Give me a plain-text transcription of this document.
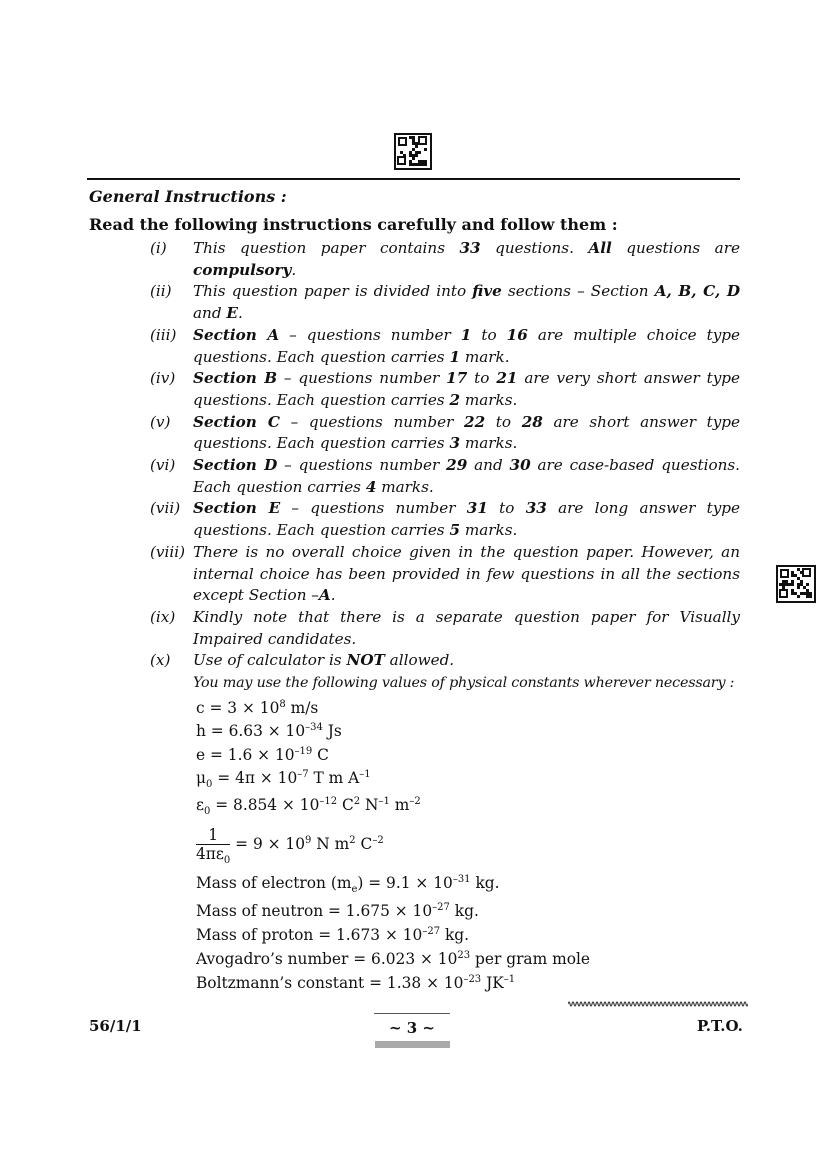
General Instructions :
Read the following instructions carefully and follow them :
(i) This question paper contains 33 questions. All questions are compulsory.
(ii) This question paper is divided into five sections – Section A, B, C, D and E.
(iii) Section A – questions number 1 to 16 are multiple choice type questions. Each question carries 1 mark.
(iv) Section B – questions number 17 to 21 are very short answer type questions. Each question carries 2 marks.
(v) Section C – questions number 22 to 28 are short answer type questions. Each question carries 3 marks.
(vi) Section D – questions number 29 and 30 are case-based questions. Each question carries 4 marks.
(vii) Section E – questions number 31 to 33 are long answer type questions. Each question carries 5 marks.
(viii) There is no overall choice given in the question paper. However, an internal choice has been provided in few questions in all the sections except Section –A.
(ix) Kindly note that there is a separate question paper for Visually Impaired candidates.
(x) Use of calculator is NOT allowed.
You may use the following values of physical constants wherever necessary :
$c = 3 \times 10^8$ m/s
$h = 6.63 \times 10^{-34}$ Js
$e = 1.6 \times 10^{-19}$ C
$\mu_0 = 4\pi \times 10^{-7}$ T m $A^{-1}$
$\varepsilon_0 = 8.854 \times 10^{-12}$ $C^2$ $N^{-1}$ $m^{-2}$
$\frac{1}{4\pi\varepsilon_0} = 9 \times 10^9$ N $m^2$ $C^{-2}$
Mass of electron $(m_e) = 9.1 \times 10^{-31}$ kg.
Mass of neutron = $1.675 \times 10^{-27}$ kg.
Mass of proton = $1.673 \times 10^{-27}$ kg.
Avogadro’s number = $6.023 \times 10^{23}$ per gram mole
Boltzmann’s constant = $1.38 \times 10^{-23}$ $JK^{-1}$
56/1/1	~ 3 ~	P.T.O.
